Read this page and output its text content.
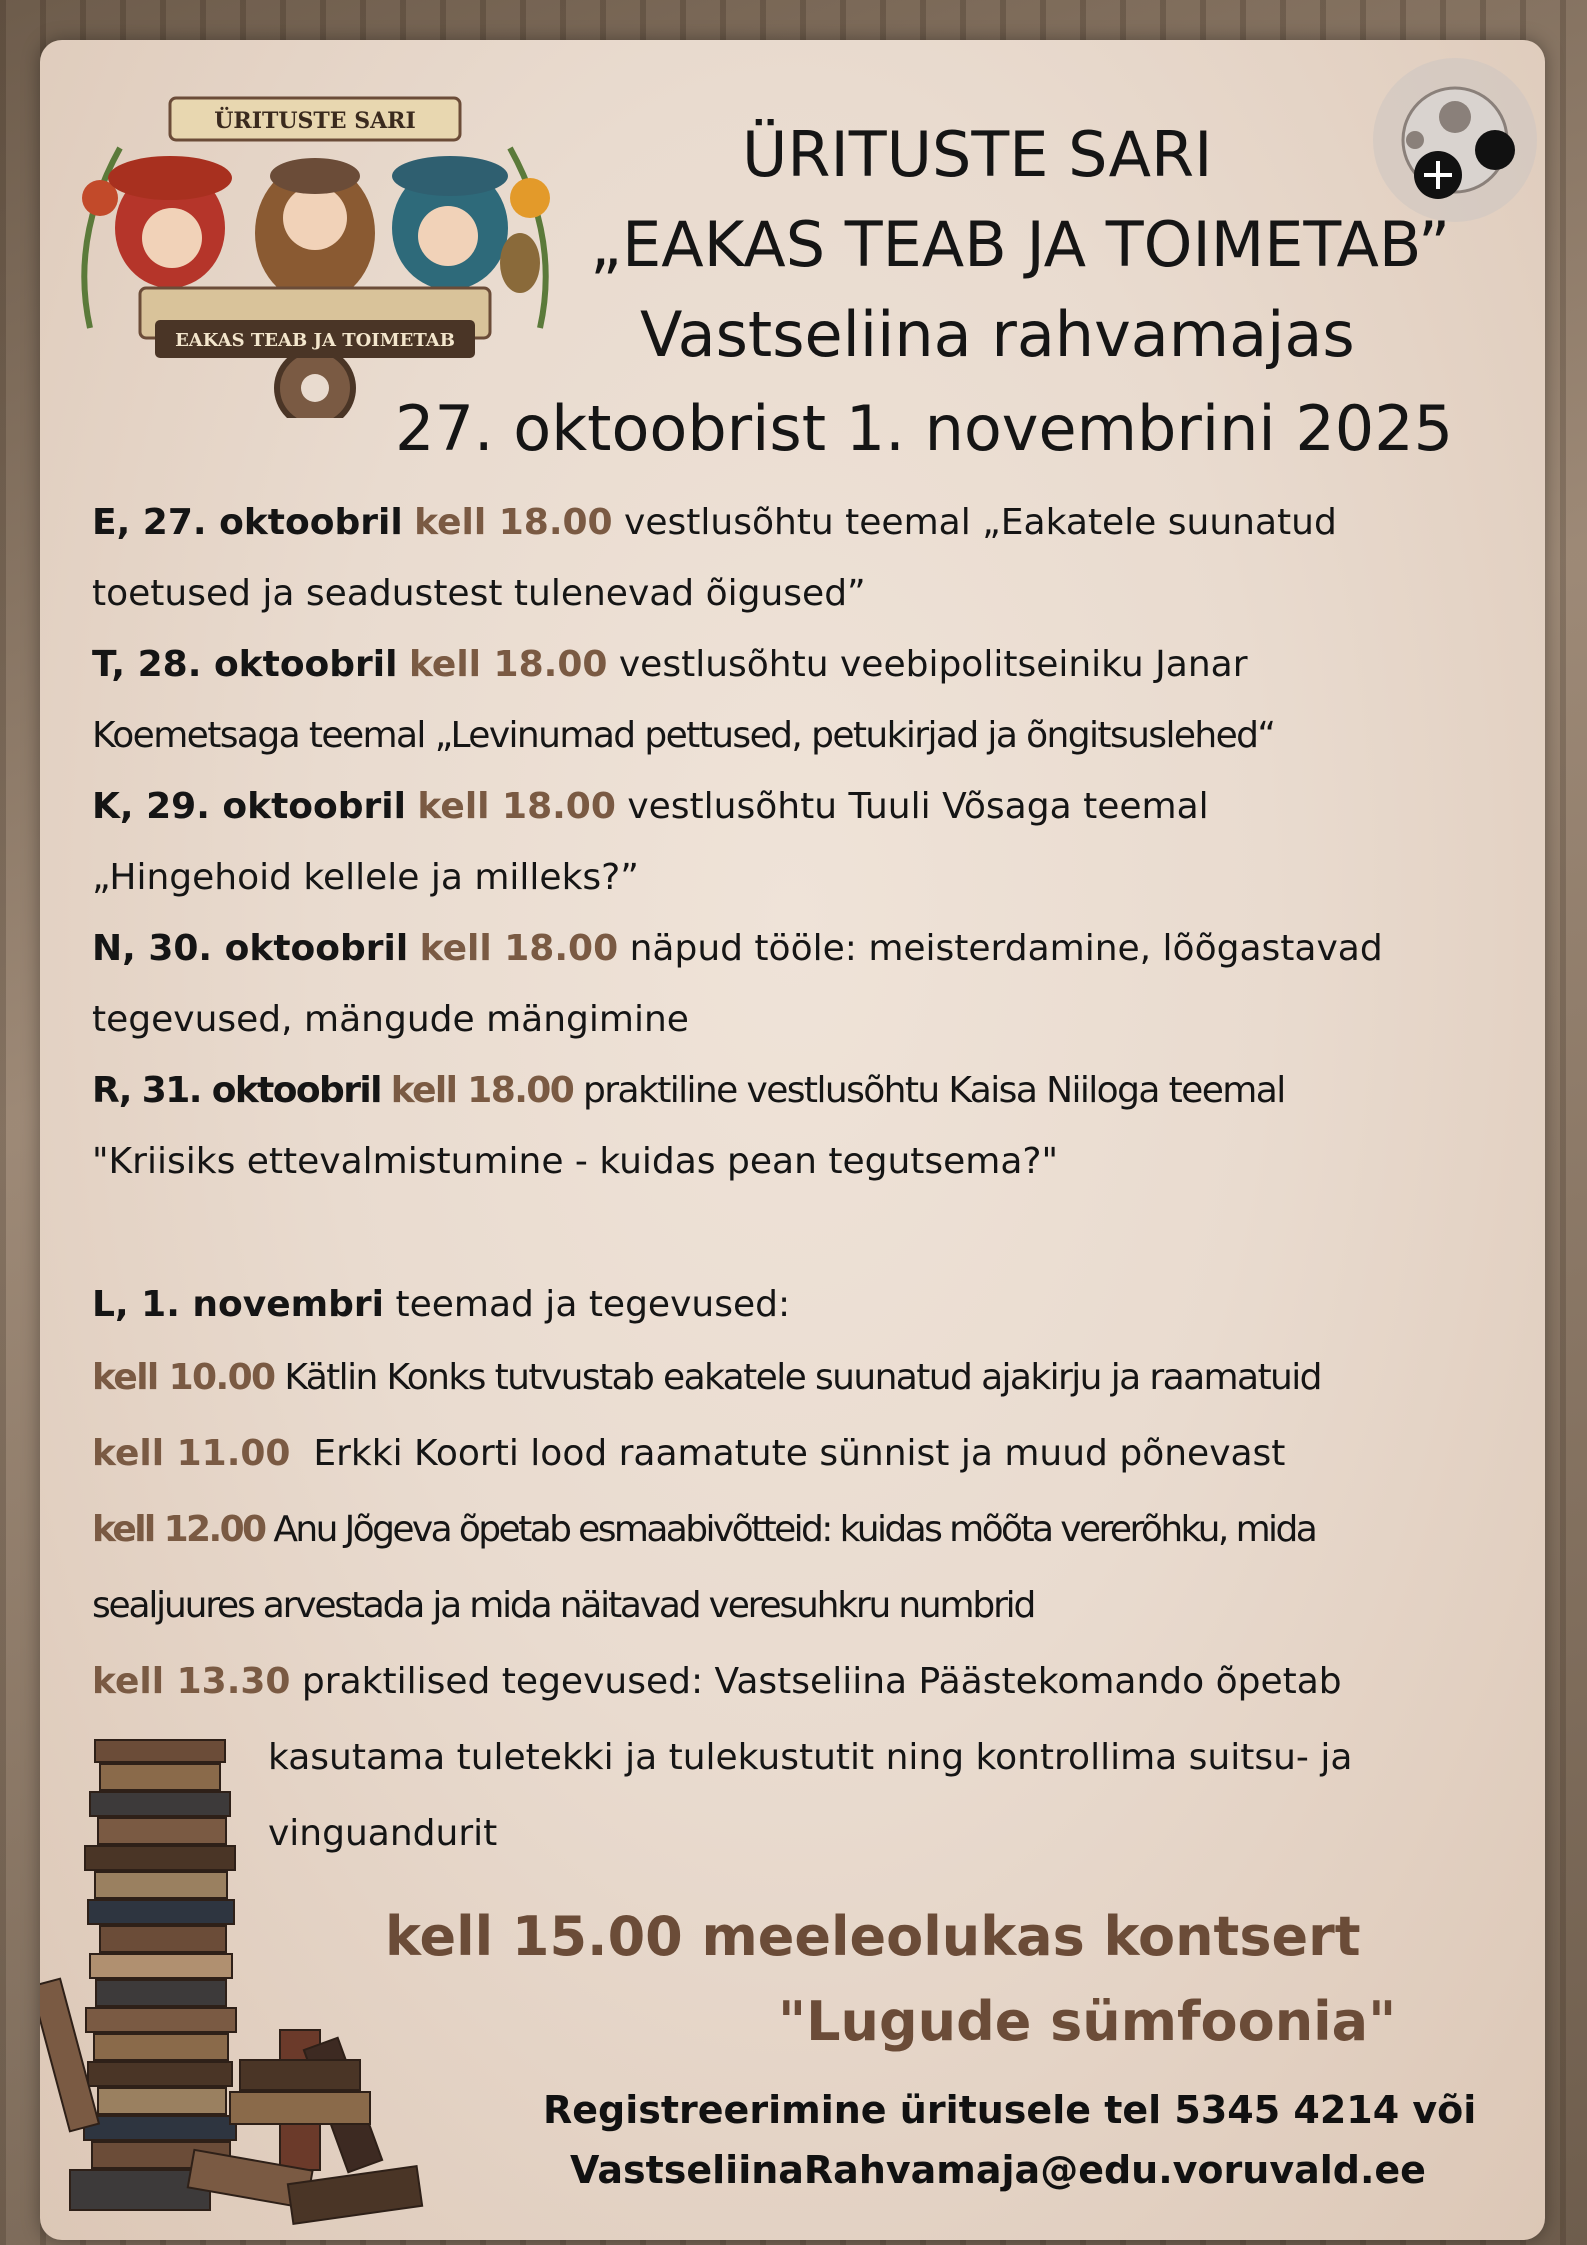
ÜRITUSTE SARI
EAKAS TEAB JA TOIMETAB
ÜRITUSTE SARI
„EAKAS TEAB JA TOIMETAB”
Vastseliina rahvamajas
27. oktoobrist 1. novembrini 2025
E, 27. oktoobril kell 18.00 vestlusõhtu teemal „Eakatele suunatud
toetused ja seadustest tulenevad õigused”
T, 28. oktoobril kell 18.00 vestlusõhtu veebipolitseiniku Janar
Koemetsaga teemal „Levinumad pettused, petukirjad ja õngitsuslehed“
K, 29. oktoobril kell 18.00 vestlusõhtu Tuuli Võsaga teemal
„Hingehoid kellele ja milleks?”
N, 30. oktoobril kell 18.00 näpud tööle: meisterdamine, lõõgastavad
tegevused, mängude mängimine
R, 31. oktoobril kell 18.00 praktiline vestlusõhtu Kaisa Niiloga teemal
"Kriisiks ettevalmistumine - kuidas pean tegutsema?"
L, 1. novembri teemad ja tegevused:
kell 10.00 Kätlin Konks tutvustab eakatele suunatud ajakirju ja raamatuid
kell 11.00  Erkki Koorti lood raamatute sünnist ja muud põnevast
kell 12.00 Anu Jõgeva õpetab esmaabivõtteid: kuidas mõõta vererõhku, mida
sealjuures arvestada ja mida näitavad veresuhkru numbrid
kell 13.30 praktilised tegevused: Vastseliina Päästekomando õpetab
kasutama tuletekki ja tulekustutit ning kontrollima suitsu- ja
vinguandurit
kell 15.00 meeleolukas kontsert
"Lugude sümfoonia"
Registreerimine üritusele tel 5345 4214 või
VastseliinaRahvamaja@edu.voruvald.ee
